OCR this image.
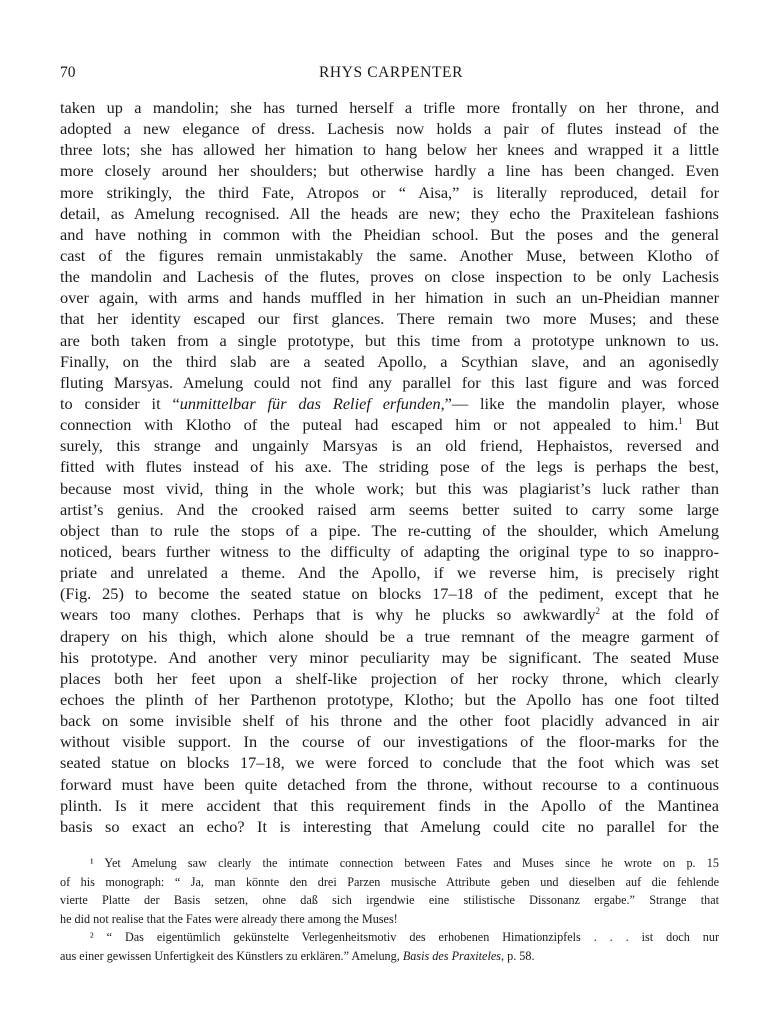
70	RHYS CARPENTER
taken up a mandolin; she has turned herself a trifle more frontally on her throne, and
adopted a new elegance of dress. Lachesis now holds a pair of flutes instead of the
three lots; she has allowed her himation to hang below her knees and wrapped it a little
more closely around her shoulders; but otherwise hardly a line has been changed. Even
more strikingly, the third Fate, Atropos or “ Aisa,” is literally reproduced, detail for
detail, as Amelung recognised. All the heads are new; they echo the Praxitelean fashions
and have nothing in common with the Pheidian school. But the poses and the general
cast of the figures remain unmistakably the same. Another Muse, between Klotho of
the mandolin and Lachesis of the flutes, proves on close inspection to be only Lachesis
over again, with arms and hands muffled in her himation in such an un-Pheidian manner
that her identity escaped our first glances. There remain two more Muses; and these
are both taken from a single prototype, but this time from a prototype unknown to us.
Finally, on the third slab are a seated Apollo, a Scythian slave, and an agonisedly
fluting Marsyas. Amelung could not find any parallel for this last figure and was forced
to consider it “unmittelbar für das Relief erfunden,”— like the mandolin player, whose
connection with Klotho of the puteal had escaped him or not appealed to him.$^1$ But
surely, this strange and ungainly Marsyas is an old friend, Hephaistos, reversed and
fitted with flutes instead of his axe. The striding pose of the legs is perhaps the best,
because most vivid, thing in the whole work; but this was plagiarist’s luck rather than
artist’s genius. And the crooked raised arm seems better suited to carry some large
object than to rule the stops of a pipe. The re-cutting of the shoulder, which Amelung
noticed, bears further witness to the difficulty of adapting the original type to so inappro-
priate and unrelated a theme. And the Apollo, if we reverse him, is precisely right
(Fig. 25) to become the seated statue on blocks 17–18 of the pediment, except that he
wears too many clothes. Perhaps that is why he plucks so awkwardly$^2$ at the fold of
drapery on his thigh, which alone should be a true remnant of the meagre garment of
his prototype. And another very minor peculiarity may be significant. The seated Muse
places both her feet upon a shelf-like projection of her rocky throne, which clearly
echoes the plinth of her Parthenon prototype, Klotho; but the Apollo has one foot tilted
back on some invisible shelf of his throne and the other foot placidly advanced in air
without visible support. In the course of our investigations of the floor-marks for the
seated statue on blocks 17–18, we were forced to conclude that the foot which was set
forward must have been quite detached from the throne, without recourse to a continuous
plinth. Is it mere accident that this requirement finds in the Apollo of the Mantinea
basis so exact an echo? It is interesting that Amelung could cite no parallel for the
¹ Yet Amelung saw clearly the intimate connection between Fates and Muses since he wrote on p. 15
of his monograph: “ Ja, man könnte den drei Parzen musische Attribute geben und dieselben auf die fehlende
vierte Platte der Basis setzen, ohne daß sich irgendwie eine stilistische Dissonanz ergabe.” Strange that
he did not realise that the Fates were already there among the Muses!
² “ Das eigentümlich gekünstelte Verlegenheitsmotiv des erhobenen Himationzipfels . . . ist doch nur
aus einer gewissen Unfertigkeit des Künstlers zu erklären.” Amelung, Basis des Praxiteles, p. 58.
